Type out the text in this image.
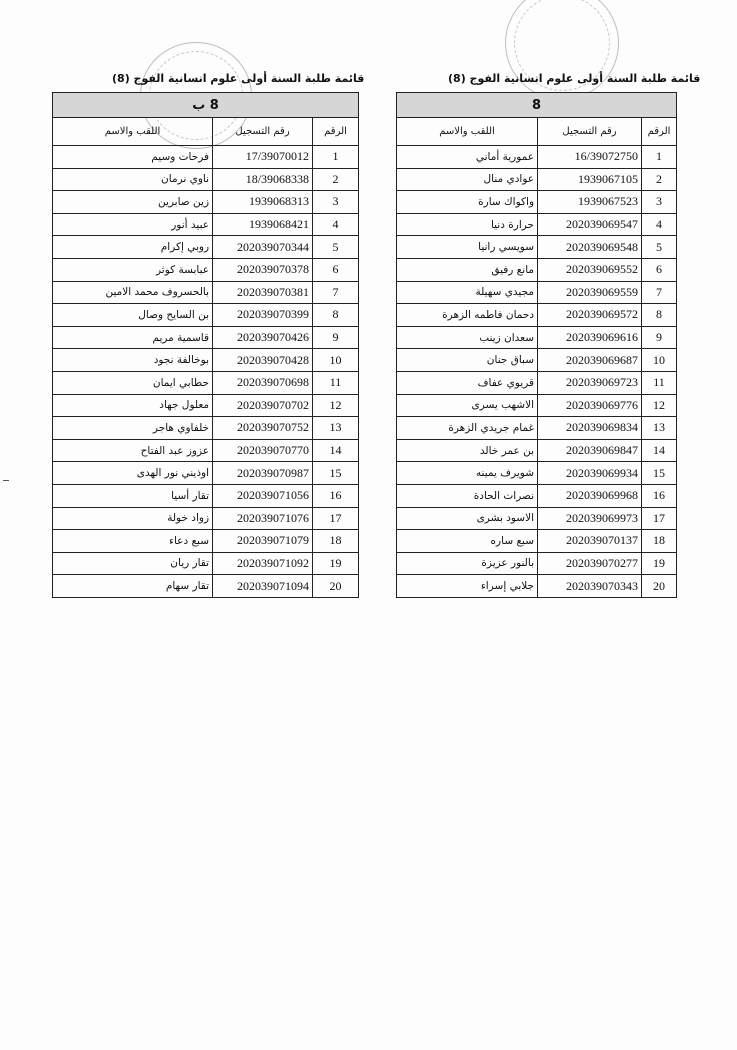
قائمة طلبة السنة أولى علوم انسانية الفوج (8)
قائمة طلبة السنة أولى علوم انسانية الفوج (8)
8		
الرقم	رقم التسجيل	اللقب والاسم
1	16/39072750	عمورية أماني
2	1939067105	عوادي منال
3	1939067523	واكواك سارة
4	202039069547	حرارة دنيا
5	202039069548	سويسي رانيا
6	202039069552	مانع رفيق
7	202039069559	مجيدي سهيلة
8	202039069572	دحمان فاطمه الزهرة
9	202039069616	سعدان زينب
10	202039069687	سباق جنان
11	202039069723	قريوي عفاف
12	202039069776	الاشهب يسرى
13	202039069834	غمام جريدي الزهرة
14	202039069847	بن عمر خالد
15	202039069934	شويرف يمينه
16	202039069968	نصرات الحادة
17	202039069973	الاسود بشرى
18	202039070137	سبع ساره
19	202039070277	بالنور عزيزة
20	202039070343	جلابي إسراء
8 ب		
الرقم	رقم التسجيل	اللقب والاسم
1	17/39070012	فرحات وسيم
2	18/39068338	ناوي نرمان
3	1939068313	زين صابرين
4	1939068421	عبيد أنور
5	202039070344	روبي إكرام
6	202039070378	عبابسة كوثر
7	202039070381	بالحسروف محمد الامين
8	202039070399	بن السايح وصال
9	202039070426	قاسمية مريم
10	202039070428	بوخالفة نجود
11	202039070698	حطابي ايمان
12	202039070702	معلول جهاد
13	202039070752	خلفاوي هاجر
14	202039070770	عزوز عبد الفتاح
15	202039070987	اوذيني نور الهدى
16	202039071056	تقار أسيا
17	202039071076	زواد خولة
18	202039071079	سبع دعاء
19	202039071092	تقار ريان
20	202039071094	تقار سهام
